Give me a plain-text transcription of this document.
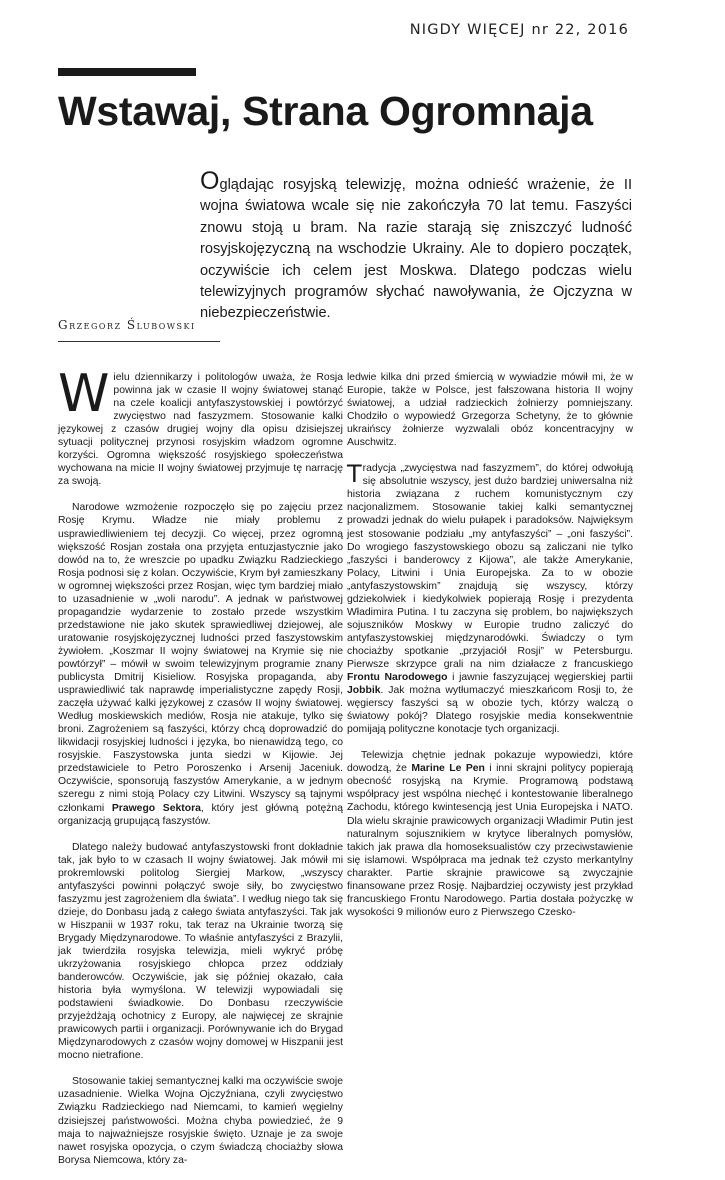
NIGDY WIĘCEJ nr 22, 2016
Wstawaj, Strana Ogromnaja

Oglądając rosyjską telewizję, można odnieść wrażenie, że II wojna światowa wcale się nie zakończyła 70 lat temu. Faszyści znowu stoją u bram. Na razie starają się zniszczyć ludność rosyjskojęzyczną na wschodzie Ukrainy. Ale to dopiero początek, oczywiście ich celem jest Moskwa. Dlatego podczas wielu telewizyjnych programów słychać nawoływania, że Ojczyzna w niebezpieczeństwie.

Grzegorz Ślubowski

Wielu dziennikarzy i politologów uważa, że Rosja powinna jak w czasie II wojny światowej stanąć na czele koalicji antyfaszystowskiej i powtórzyć zwycięstwo nad faszyzmem. Stosowanie kalki językowej z czasów drugiej wojny dla opisu dzisiejszej sytuacji politycznej przynosi rosyjskim władzom ogromne korzyści. Ogromna większość rosyjskiego społeczeństwa wychowana na micie II wojny światowej przyjmuje tę narrację za swoją.

Narodowe wzmożenie rozpoczęło się po zajęciu przez Rosję Krymu. Władze nie miały problemu z usprawiedliwieniem tej decyzji. Co więcej, przez ogromną większość Rosjan została ona przyjęta entuzjastycznie jako dowód na to, że wreszcie po upadku Związku Radzieckiego Rosja podnosi się z kolan. Oczywiście, Krym był zamieszkany w ogromnej większości przez Rosjan, więc tym bardziej miało to uzasadnienie w „woli narodu”. A jednak w państwowej propagandzie wydarzenie to zostało przede wszystkim przedstawione nie jako skutek sprawiedliwej dziejowej, ale uratowanie rosyjskojęzycznej ludności przed faszystowskim żywiołem. „Koszmar II wojny światowej na Krymie się nie powtórzył” – mówił w swoim telewizyjnym programie znany publicysta Dmitrij Kisieliow. Rosyjska propaganda, aby usprawiedliwić tak naprawdę imperialistyczne zapędy Rosji, zaczęła używać kalki językowej z czasów II wojny światowej. Według moskiewskich mediów, Rosja nie atakuje, tylko się broni. Zagrożeniem są faszyści, którzy chcą doprowadzić do likwidacji rosyjskiej ludności i języka, bo nienawidzą tego, co rosyjskie. Faszystowska junta siedzi w Kijowie. Jej przedstawiciele to Petro Poroszenko i Arsenij Jaceniuk. Oczywiście, sponsorują faszystów Amerykanie, a w jednym szeregu z nimi stoją Polacy czy Litwini. Wszyscy są tajnymi członkami Prawego Sektora, który jest główną potężną organizacją grupującą faszystów.

Dlatego należy budować antyfaszystowski front dokładnie tak, jak było to w czasach II wojny światowej. Jak mówił mi prokremlowski politolog Siergiej Markow, „wszyscy antyfaszyści powinni połączyć swoje siły, bo zwycięstwo faszyzmu jest zagrożeniem dla świata”. I według niego tak się dzieje, do Donbasu jadą z całego świata antyfaszyści. Tak jak w Hiszpanii w 1937 roku, tak teraz na Ukrainie tworzą się Brygady Międzynarodowe. To właśnie antyfaszyści z Brazylii, jak twierdziła rosyjska telewizja, mieli wykryć próbę ukrzyżowania rosyjskiego chłopca przez oddziały banderowców. Oczywiście, jak się później okazało, cała historia była wymyślona. W telewizji wypowiadali się podstawieni świadkowie. Do Donbasu rzeczywiście przyjeżdżają ochotnicy z Europy, ale najwięcej ze skrajnie prawicowych partii i organizacji. Porównywanie ich do Brygad Międzynarodowych z czasów wojny domowej w Hiszpanii jest mocno nietrafione.

Stosowanie takiej semantycznej kalki ma oczywiście swoje uzasadnienie. Wielka Wojna Ojczyźniana, czyli zwycięstwo Związku Radzieckiego nad Niemcami, to kamień węgielny dzisiejszej państwowości. Można chyba powiedzieć, że 9 maja to najważniejsze rosyjskie święto. Uznaje je za swoje nawet rosyjska opozycja, o czym świadczą chociażby słowa Borysa Niemcowa, który za-

ledwie kilka dni przed śmiercią w wywiadzie mówił mi, że w Europie, także w Polsce, jest fałszowana historia II wojny światowej, a udział radzieckich żołnierzy pomniejszany. Chodziło o wypowiedź Grzegorza Schetyny, że to głównie ukraińscy żołnierze wyzwalali obóz koncentracyjny w Auschwitz.

Tradycja „zwycięstwa nad faszyzmem”, do której odwołują się absolutnie wszyscy, jest dużo bardziej uniwersalna niż historia związana z ruchem komunistycznym czy nacjonalizmem. Stosowanie takiej kalki semantycznej prowadzi jednak do wielu pułapek i paradoksów. Najwięksym jest stosowanie podziału „my antyfaszyści” – „oni faszyści”. Do wrogiego faszystowskiego obozu są zaliczani nie tylko „faszyści i banderowcy z Kijowa”, ale także Amerykanie, Polacy, Litwini i Unia Europejska. Za to w obozie „antyfaszystowskim” znajdują się wszyscy, którzy gdziekolwiek i kiedykolwiek popierają Rosję i prezydenta Władimira Putina. I tu zaczyna się problem, bo największych sojuszników Moskwy w Europie trudno zaliczyć do antyfaszystowskiej międzynarodówki. Świadczy o tym chociażby spotkanie „przyjaciół Rosji” w Petersburgu. Pierwsze skrzypce grali na nim działacze z francuskiego Frontu Narodowego i jawnie faszyzującej węgierskiej partii Jobbik. Jak można wytłumaczyć mieszkańcom Rosji to, że węgierscy faszyści są w obozie tych, którzy walczą o światowy pokój? Dlatego rosyjskie media konsekwentnie pomijają polityczne konotacje tych organizacji.

Telewizja chętnie jednak pokazuje wypowiedzi, które dowodzą, że Marine Le Pen i inni skrajni politycy popierają obecność rosyjską na Krymie. Programową podstawą współpracy jest wspólna niechęć i kontestowanie liberalnego Zachodu, którego kwintesencją jest Unia Europejska i NATO. Dla wielu skrajnie prawicowych organizacji Władimir Putin jest naturalnym sojusznikiem w krytyce liberalnych pomysłów, takich jak prawa dla homoseksualistów czy przeciwstawienie się islamowi. Współpraca ma jednak też czysto merkantylny charakter. Partie skrajnie prawicowe są zwyczajnie finansowane przez Rosję. Najbardziej oczywisty jest przykład francuskiego Frontu Narodowego. Partia dostała pożyczkę w wysokości 9 milionów euro z Pierwszego Czesko-
